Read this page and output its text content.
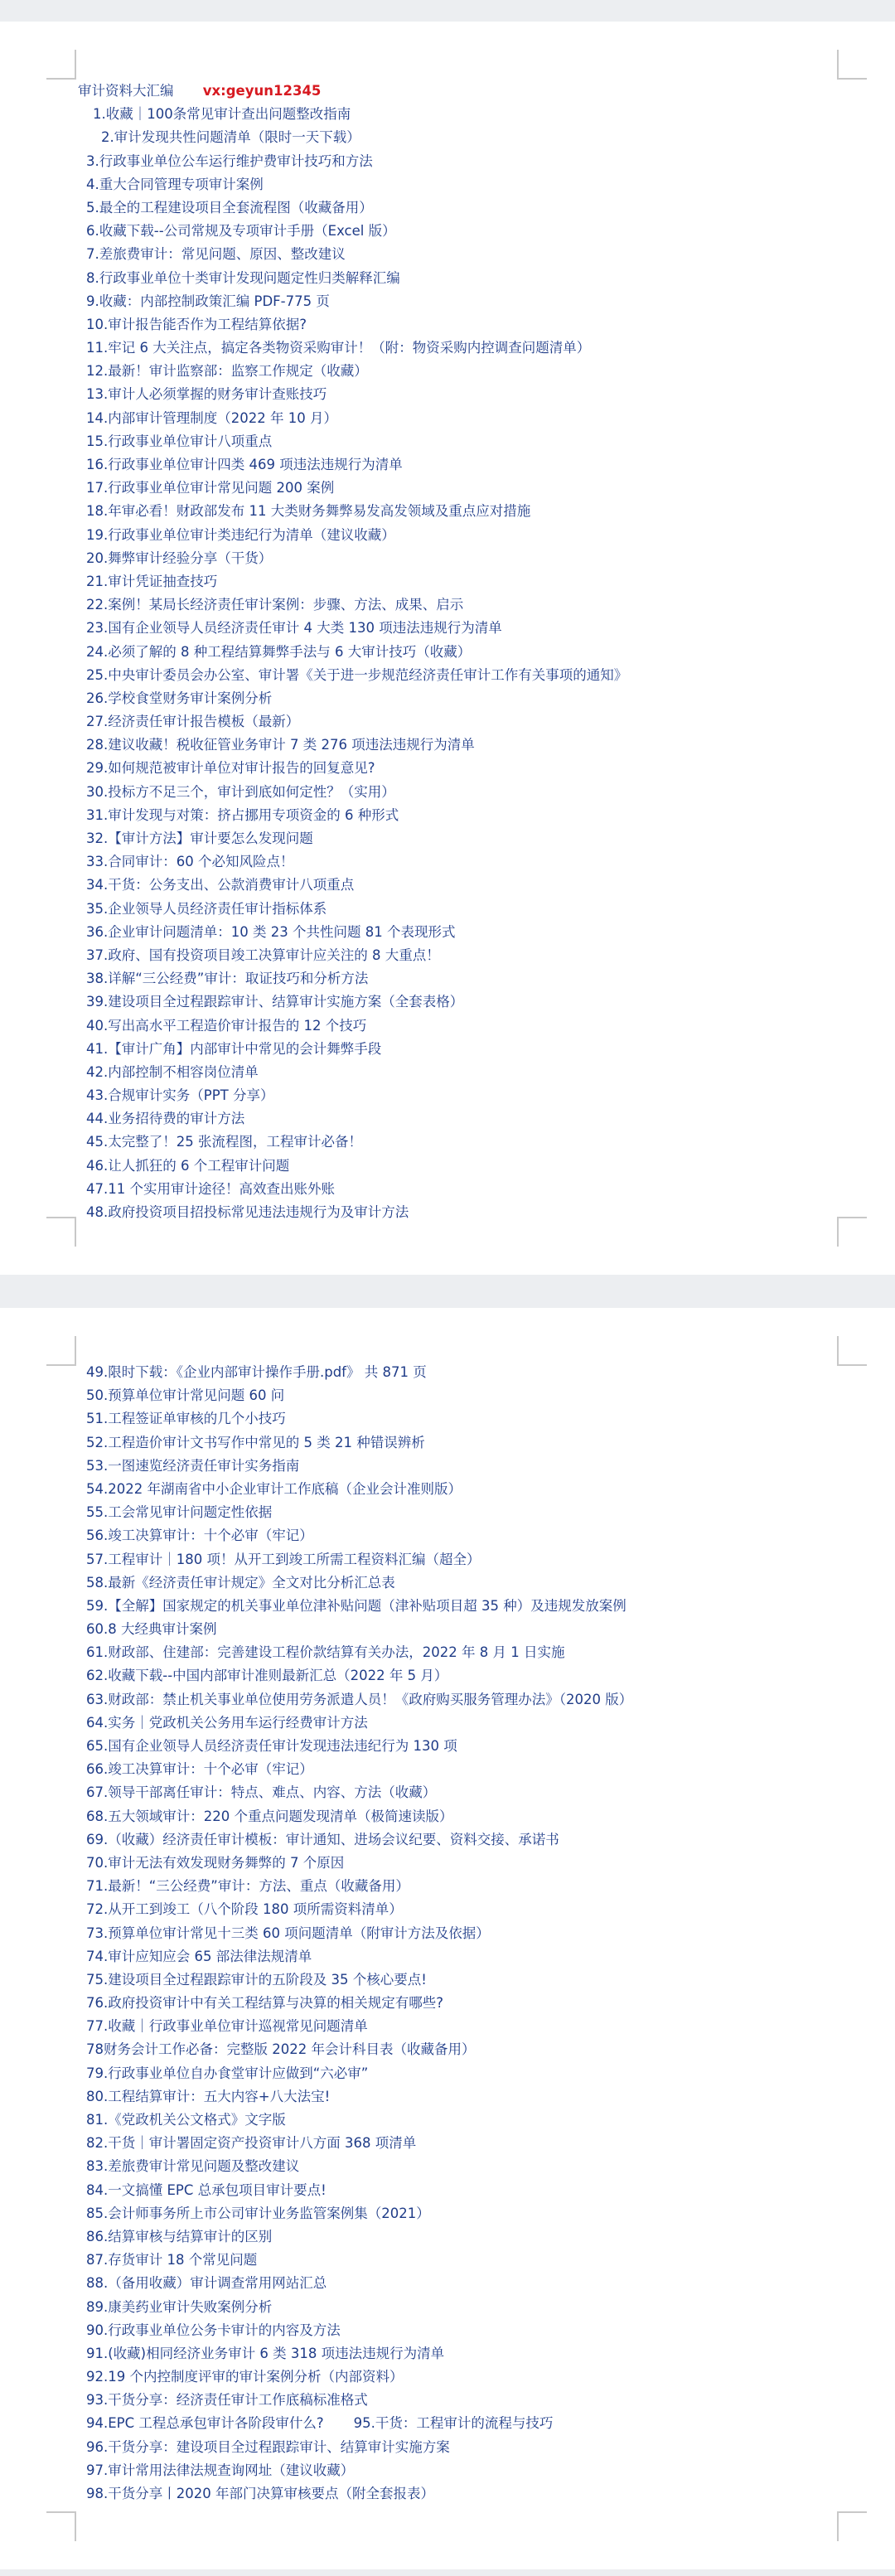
审计资料大汇编 vx:geyun12345
1.收藏｜100条常见审计查出问题整改指南
2.审计发现共性问题清单（限时一天下载）
3.行政事业单位公车运行维护费审计技巧和方法
4.重大合同管理专项审计案例
5.最全的工程建设项目全套流程图（收藏备用）
6.收藏下载--公司常规及专项审计手册（Excel 版）
7.差旅费审计：常见问题、原因、整改建议
8.行政事业单位十类审计发现问题定性归类解释汇编
9.收藏：内部控制政策汇编 PDF-775 页
10.审计报告能否作为工程结算依据?
11.牢记 6 大关注点，搞定各类物资采购审计！（附：物资采购内控调查问题清单）
12.最新！审计监察部：监察工作规定（收藏）
13.审计人必须掌握的财务审计查账技巧
14.内部审计管理制度（2022 年 10 月）
15.行政事业单位审计八项重点
16.行政事业单位审计四类 469 项违法违规行为清单
17.行政事业单位审计常见问题 200 案例
18.年审必看！财政部发布 11 大类财务舞弊易发高发领域及重点应对措施
19.行政事业单位审计类违纪行为清单（建议收藏）
20.舞弊审计经验分享（干货）
21.审计凭证抽查技巧
22.案例！某局长经济责任审计案例：步骤、方法、成果、启示
23.国有企业领导人员经济责任审计 4 大类 130 项违法违规行为清单
24.必须了解的 8 种工程结算舞弊手法与 6 大审计技巧（收藏）
25.中央审计委员会办公室、审计署《关于进一步规范经济责任审计工作有关事项的通知》
26.学校食堂财务审计案例分析
27.经济责任审计报告模板（最新）
28.建议收藏！税收征管业务审计 7 类 276 项违法违规行为清单
29.如何规范被审计单位对审计报告的回复意见?
30.投标方不足三个，审计到底如何定性？（实用）
31.审计发现与对策：挤占挪用专项资金的 6 种形式
32.【审计方法】审计要怎么发现问题
33.合同审计：60 个必知风险点！
34.干货：公务支出、公款消费审计八项重点
35.企业领导人员经济责任审计指标体系
36.企业审计问题清单：10 类 23 个共性问题 81 个表现形式
37.政府、国有投资项目竣工决算审计应关注的 8 大重点！
38.详解“三公经费”审计：取证技巧和分析方法
39.建设项目全过程跟踪审计、结算审计实施方案（全套表格）
40.写出高水平工程造价审计报告的 12 个技巧
41.【审计广角】内部审计中常见的会计舞弊手段
42.内部控制不相容岗位清单
43.合规审计实务（PPT 分享）
44.业务招待费的审计方法
45.太完整了！25 张流程图，工程审计必备！
46.让人抓狂的 6 个工程审计问题
47.11 个实用审计途径！高效查出账外账
48.政府投资项目招投标常见违法违规行为及审计方法
49.限时下载：《企业内部审计操作手册.pdf》 共 871 页
50.预算单位审计常见问题 60 问
51.工程签证单审核的几个小技巧
52.工程造价审计文书写作中常见的 5 类 21 种错误辨析
53.一图速览经济责任审计实务指南
54.2022 年湖南省中小企业审计工作底稿（企业会计准则版）
55.工会常见审计问题定性依据
56.竣工决算审计：十个必审（牢记）
57.工程审计｜180 项！从开工到竣工所需工程资料汇编（超全）
58.最新《经济责任审计规定》全文对比分析汇总表
59.【全解】国家规定的机关事业单位津补贴问题（津补贴项目超 35 种）及违规发放案例
60.8 大经典审计案例
61.财政部、住建部：完善建设工程价款结算有关办法，2022 年 8 月 1 日实施
62.收藏下载--中国内部审计准则最新汇总（2022 年 5 月）
63.财政部：禁止机关事业单位使用劳务派遣人员！《政府购买服务管理办法》（2020 版）
64.实务｜党政机关公务用车运行经费审计方法
65.国有企业领导人员经济责任审计发现违法违纪行为 130 项
66.竣工决算审计：十个必审（牢记）
67.领导干部离任审计：特点、难点、内容、方法（收藏）
68.五大领域审计：220 个重点问题发现清单（极简速读版）
69.（收藏）经济责任审计模板：审计通知、进场会议纪要、资料交接、承诺书
70.审计无法有效发现财务舞弊的 7 个原因
71.最新！“三公经费”审计：方法、重点（收藏备用）
72.从开工到竣工（八个阶段 180 项所需资料清单）
73.预算单位审计常见十三类 60 项问题清单（附审计方法及依据）
74.审计应知应会 65 部法律法规清单
75.建设项目全过程跟踪审计的五阶段及 35 个核心要点!
76.政府投资审计中有关工程结算与决算的相关规定有哪些?
77.收藏｜行政事业单位审计巡视常见问题清单
78财务会计工作必备：完整版 2022 年会计科目表（收藏备用）
79.行政事业单位自办食堂审计应做到“六必审”
80.工程结算审计：五大内容+八大法宝!
81.《党政机关公文格式》文字版
82.干货｜审计署固定资产投资审计八方面 368 项清单
83.差旅费审计常见问题及整改建议
84.一文搞懂 EPC 总承包项目审计要点!
85.会计师事务所上市公司审计业务监管案例集（2021）
86.结算审核与结算审计的区别
87.存货审计 18 个常见问题
88.（备用收藏）审计调查常用网站汇总
89.康美药业审计失败案例分析
90.行政事业单位公务卡审计的内容及方法
91.(收藏)相同经济业务审计 6 类 318 项违法违规行为清单
92.19 个内控制度评审的审计案例分析（内部资料）
93.干货分享：经济责任审计工作底稿标准格式
94.EPC 工程总承包审计各阶段审什么? 95.干货：工程审计的流程与技巧
96.干货分享：建设项目全过程跟踪审计、结算审计实施方案
97.审计常用法律法规查询网址（建议收藏）
98.干货分享丨2020 年部门决算审核要点（附全套报表）
